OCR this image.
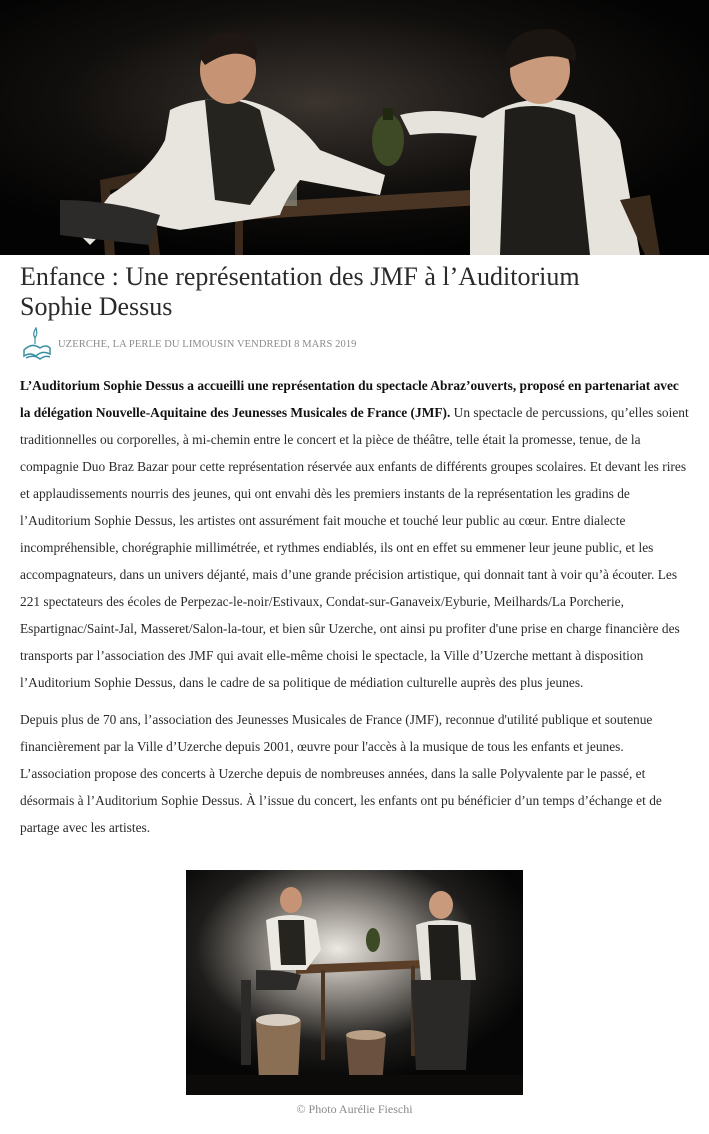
Enfance : Une représentation des JMF à l’Auditorium Sophie Dessus
UZERCHE, LA PERLE DU LIMOUSIN VENDREDI 8 MARS 2019

L’Auditorium Sophie Dessus a accueilli une représentation du spectacle Abraz’ouverts, proposé en partenariat avec la délégation Nouvelle-Aquitaine des Jeunesses Musicales de France (JMF). Un spectacle de percussions, qu’elles soient traditionnelles ou corporelles, à mi-chemin entre le concert et la pièce de théâtre, telle était la promesse, tenue, de la compagnie Duo Braz Bazar pour cette représentation réservée aux enfants de différents groupes scolaires. Et devant les rires et applaudissements nourris des jeunes, qui ont envahi dès les premiers instants de la représentation les gradins de l’Auditorium Sophie Dessus, les artistes ont assurément fait mouche et touché leur public au cœur. Entre dialecte incompréhensible, chorégraphie millimétrée, et rythmes endiablés, ils ont en effet su emmener leur jeune public, et les accompagnateurs, dans un univers déjanté, mais d’une grande précision artistique, qui donnait tant à voir qu’à écouter. Les 221 spectateurs des écoles de Perpezac-le-noir/Estivaux, Condat-sur-Ganaveix/Eyburie, Meilhards/La Porcherie, Espartignac/Saint-Jal, Masseret/Salon-la-tour, et bien sûr Uzerche, ont ainsi pu profiter d'une prise en charge financière des transports par l’association des JMF qui avait elle-même choisi le spectacle, la Ville d’Uzerche mettant à disposition l’Auditorium Sophie Dessus, dans le cadre de sa politique de médiation culturelle auprès des plus jeunes.

Depuis plus de 70 ans, l’association des Jeunesses Musicales de France (JMF), reconnue d'utilité publique et soutenue financièrement par la Ville d’Uzerche depuis 2001, œuvre pour l'accès à la musique de tous les enfants et jeunes. L’association propose des concerts à Uzerche depuis de nombreuses années, dans la salle Polyvalente par le passé, et désormais à l’Auditorium Sophie Dessus. À l’issue du concert, les enfants ont pu bénéficier d’un temps d’échange et de partage avec les artistes.

© Photo Aurélie Fieschi
